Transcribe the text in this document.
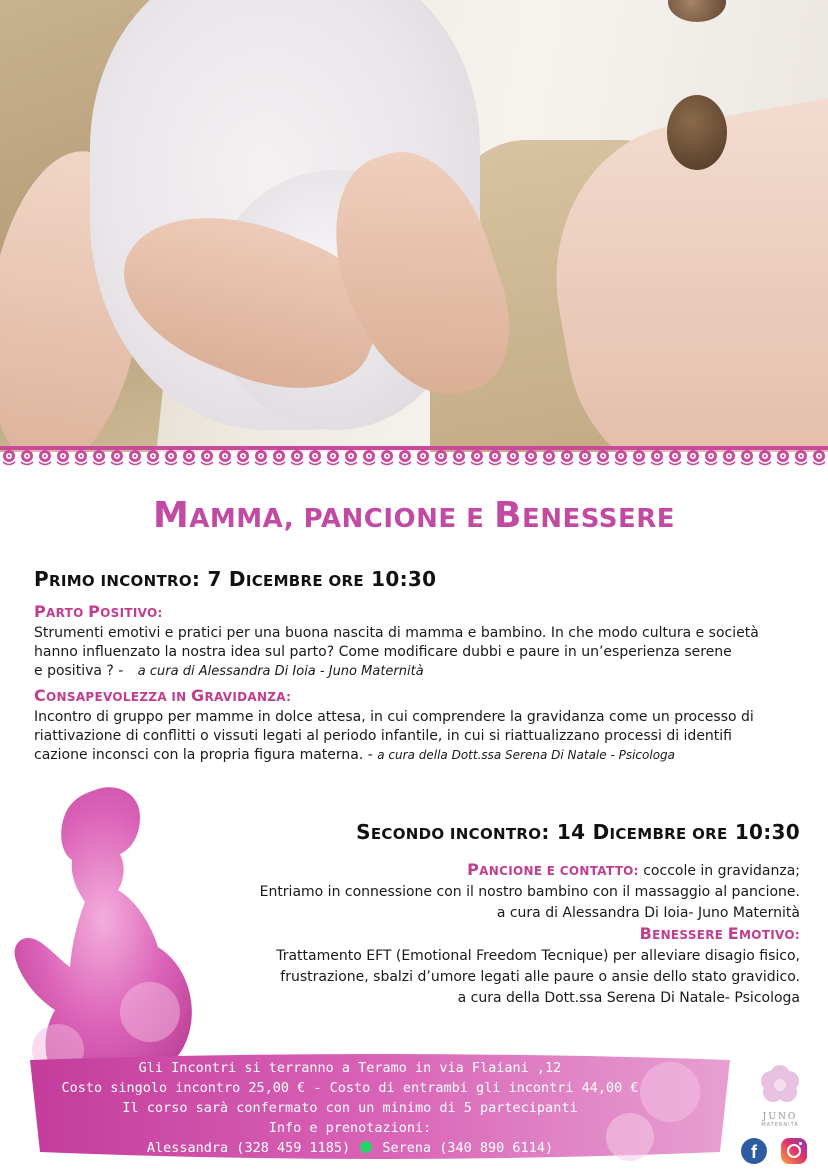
MAMMA, PANCIONE E BENESSERE
PRIMO INCONTRO: 7 DICEMBRE ORE 10:30
PARTO POSITIVO:
Strumenti emotivi e pratici per una buona nascita di mamma e bambino. In che modo cultura e società
hanno influenzato la nostra idea sul parto? Come modificare dubbi e paure in un’esperienza serene
e positiva ? - a cura di Alessandra Di Ioia - Juno Maternità
CONSAPEVOLEZZA IN GRAVIDANZA:
Incontro di gruppo per mamme in dolce attesa, in cui comprendere la gravidanza come un processo di
riattivazione di conflitti o vissuti legati al periodo infantile, in cui si riattualizzano processi di identifi
cazione inconsci con la propria figura materna. - a cura della Dott.ssa Serena Di Natale - Psicologa
SECONDO INCONTRO: 14 DICEMBRE ORE 10:30
PANCIONE E CONTATTO: coccole in gravidanza;
Entriamo in connessione con il nostro bambino con il massaggio al pancione.
a cura di Alessandra Di Ioia- Juno Maternità
BENESSERE EMOTIVO:
Trattamento EFT (Emotional Freedom Tecnique) per alleviare disagio fisico,
frustrazione, sbalzi d’umore legati alle paure o ansie dello stato gravidico.
a cura della Dott.ssa Serena Di Natale- Psicologa
Gli Incontri si terranno a Teramo in via Flaiani ,12
Costo singolo incontro 25,00 € - Costo di entrambi gli incontri 44,00 €
Il corso sarà confermato con un minimo di 5 partecipanti
Info e prenotazioni:
Alessandra (328 459 1185) Serena (340 890 6114)
JUNO
MATERNITÀ
f
